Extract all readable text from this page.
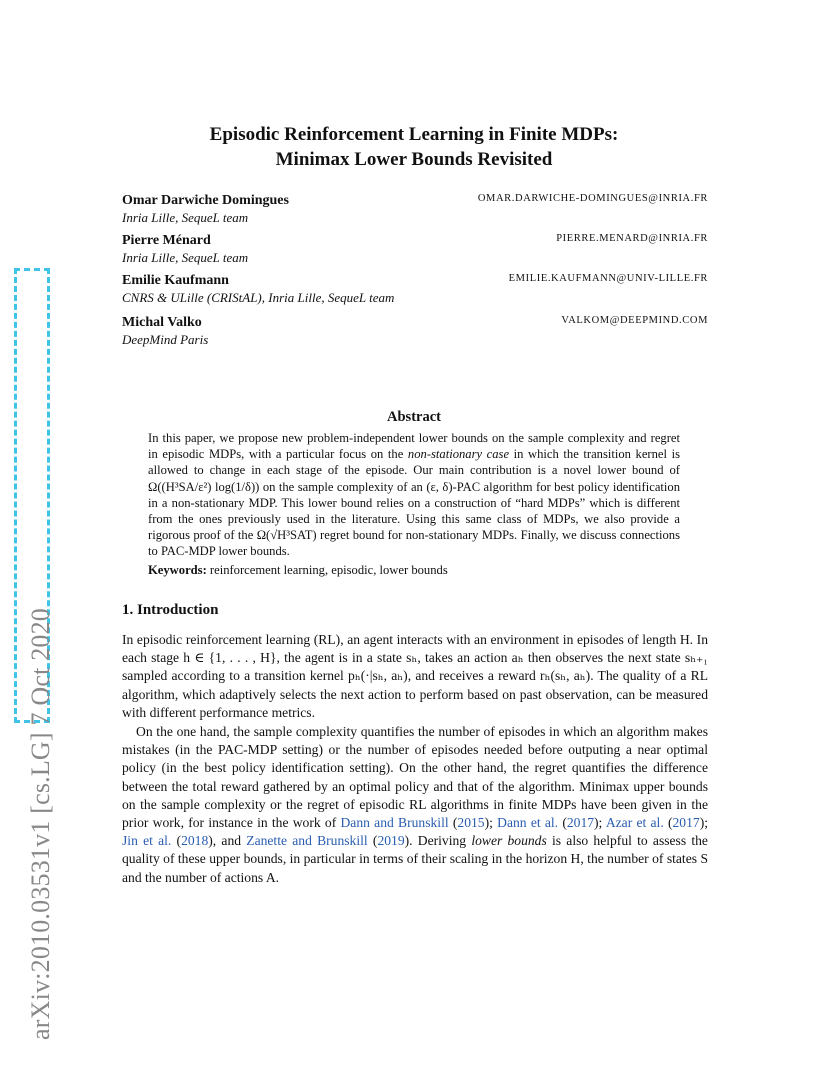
arXiv:2010.03531v1 [cs.LG] 7 Oct 2020
Episodic Reinforcement Learning in Finite MDPs:
Minimax Lower Bounds Revisited
Omar Darwiche Domingues
Inria Lille, SequeL team
OMAR.DARWICHE-DOMINGUES@INRIA.FR
Pierre Ménard
Inria Lille, SequeL team
PIERRE.MENARD@INRIA.FR
Emilie Kaufmann
CNRS & ULille (CRIStAL), Inria Lille, SequeL team
EMILIE.KAUFMANN@UNIV-LILLE.FR
Michal Valko
DeepMind Paris
VALKOM@DEEPMIND.COM
Abstract
In this paper, we propose new problem-independent lower bounds on the sample complexity and regret in episodic MDPs, with a particular focus on the non-stationary case in which the transition kernel is allowed to change in each stage of the episode. Our main contribution is a novel lower bound of Ω((H³SA/ε²) log(1/δ)) on the sample complexity of an (ε, δ)-PAC algorithm for best policy identification in a non-stationary MDP. This lower bound relies on a construction of “hard MDPs” which is different from the ones previously used in the literature. Using this same class of MDPs, we also provide a rigorous proof of the Ω(√H³SAT) regret bound for non-stationary MDPs. Finally, we discuss connections to PAC-MDP lower bounds.
Keywords: reinforcement learning, episodic, lower bounds
1. Introduction
In episodic reinforcement learning (RL), an agent interacts with an environment in episodes of length H. In each stage h ∈ {1, . . . , H}, the agent is in a state sₕ, takes an action aₕ then observes the next state sₕ₊₁ sampled according to a transition kernel pₕ(·|sₕ, aₕ), and receives a reward rₕ(sₕ, aₕ). The quality of a RL algorithm, which adaptively selects the next action to perform based on past observation, can be measured with different performance metrics.
On the one hand, the sample complexity quantifies the number of episodes in which an algorithm makes mistakes (in the PAC-MDP setting) or the number of episodes needed before outputing a near optimal policy (in the best policy identification setting). On the other hand, the regret quantifies the difference between the total reward gathered by an optimal policy and that of the algorithm. Minimax upper bounds on the sample complexity or the regret of episodic RL algorithms in finite MDPs have been given in the prior work, for instance in the work of Dann and Brunskill (2015); Dann et al. (2017); Azar et al. (2017); Jin et al. (2018), and Zanette and Brunskill (2019). Deriving lower bounds is also helpful to assess the quality of these upper bounds, in particular in terms of their scaling in the horizon H, the number of states S and the number of actions A.
